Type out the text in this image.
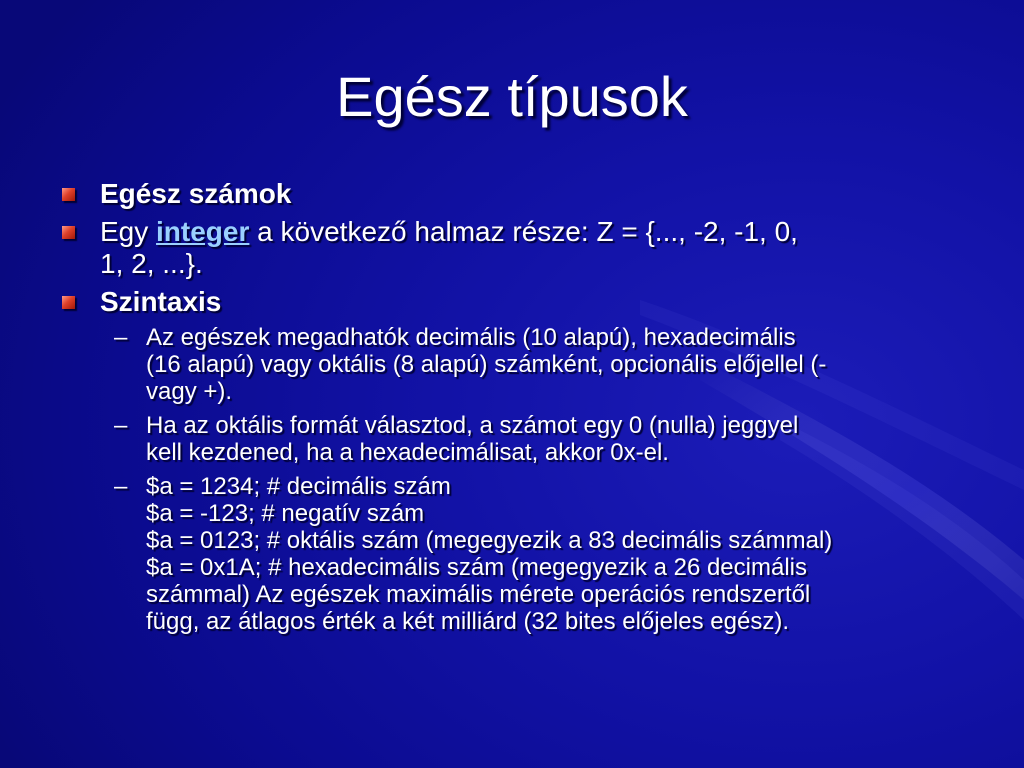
Egész típusok
Egész számok
Egy integer a következő halmaz része: Z = {..., -2, -1, 0,
1, 2, ...}.
Szintaxis
– Az egészek megadhatók decimális (10 alapú), hexadecimális
(16 alapú) vagy oktális (8 alapú) számként, opcionális előjellel (-
vagy +).
– Ha az oktális formát választod, a számot egy 0 (nulla) jeggyel
kell kezdened, ha a hexadecimálisat, akkor 0x-el.
– $a = 1234; # decimális szám
$a = -123; # negatív szám
$a = 0123; # oktális szám (megegyezik a 83 decimális számmal)
$a = 0x1A; # hexadecimális szám (megegyezik a 26 decimális
számmal) Az egészek maximális mérete operációs rendszertől
függ, az átlagos érték a két milliárd (32 bites előjeles egész).
